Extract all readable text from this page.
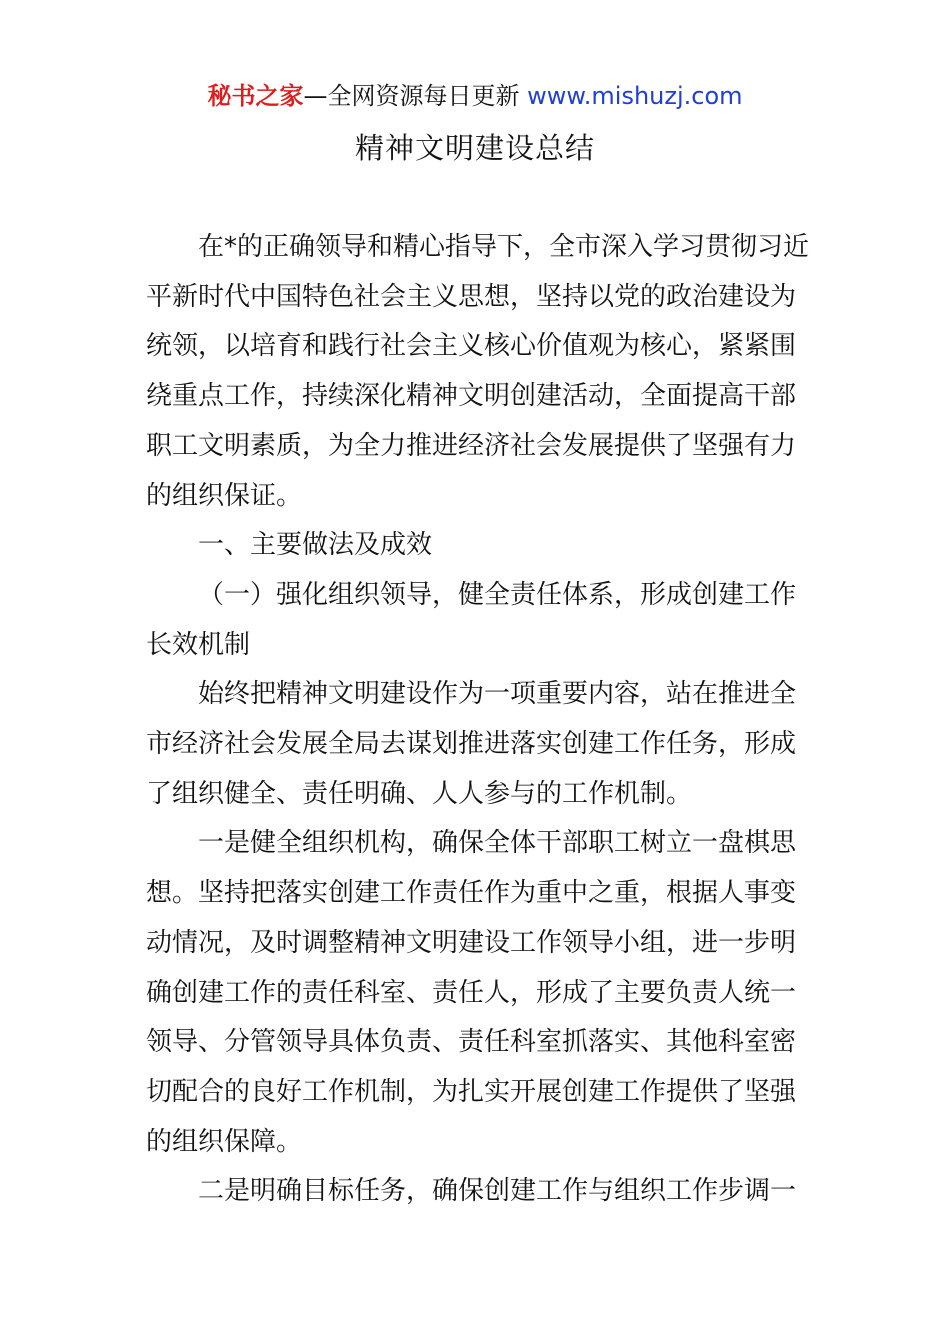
秘书之家—全网资源每日更新 www.mishuzj.com
精神文明建设总结

在*的正确领导和精心指导下，全市深入学习贯彻习近
平新时代中国特色社会主义思想，坚持以党的政治建设为
统领，以培育和践行社会主义核心价值观为核心，紧紧围
绕重点工作，持续深化精神文明创建活动，全面提高干部
职工文明素质，为全力推进经济社会发展提供了坚强有力
的组织保证。
一、主要做法及成效
（一）强化组织领导，健全责任体系，形成创建工作
长效机制
始终把精神文明建设作为一项重要内容，站在推进全
市经济社会发展全局去谋划推进落实创建工作任务，形成
了组织健全、责任明确、人人参与的工作机制。
一是健全组织机构，确保全体干部职工树立一盘棋思
想。坚持把落实创建工作责任作为重中之重，根据人事变
动情况，及时调整精神文明建设工作领导小组，进一步明
确创建工作的责任科室、责任人，形成了主要负责人统一
领导、分管领导具体负责、责任科室抓落实、其他科室密
切配合的良好工作机制，为扎实开展创建工作提供了坚强
的组织保障。
二是明确目标任务，确保创建工作与组织工作步调一
